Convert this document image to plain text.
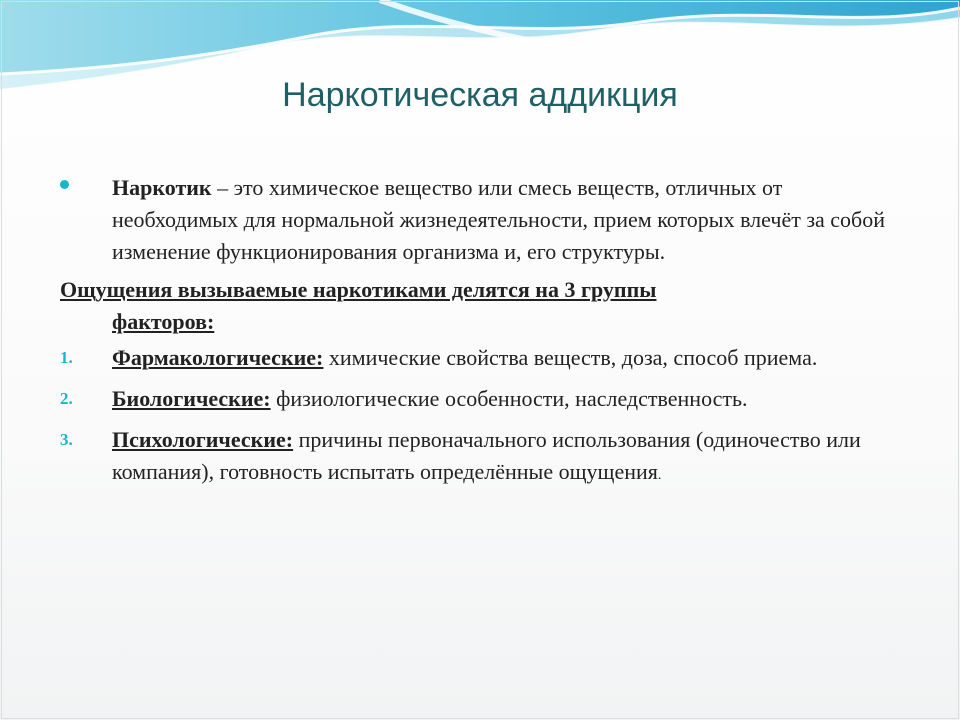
Наркотическая аддикция
Наркотик – это химическое вещество или смесь веществ, отличных от необходимых для нормальной жизнедеятельности, прием которых влечёт за собой изменение функционирования организма и, его структуры.
Ощущения вызываемые наркотиками делятся на 3 группы
факторов:
1. Фармакологические: химические свойства веществ, доза, способ приема.
2. Биологические: физиологические особенности, наследственность.
3. Психологические: причины первоначального использования (одиночество или компания), готовность испытать определённые ощущения.
